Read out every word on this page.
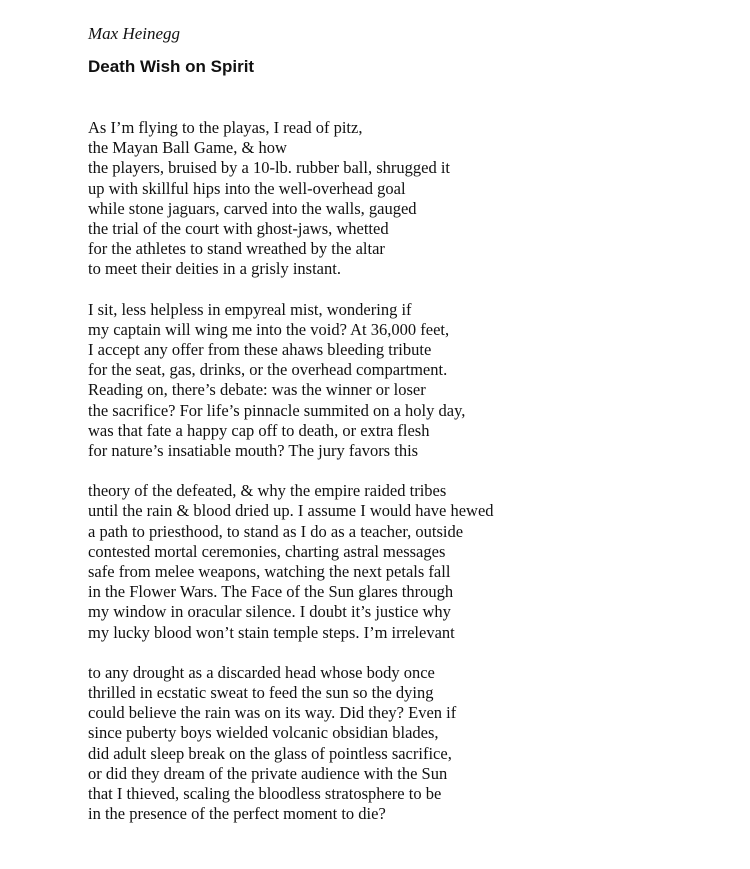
Max Heinegg

Death Wish on Spirit
As I’m flying to the playas, I read of pitz,
the Mayan Ball Game, & how
the players, bruised by a 10-lb. rubber ball, shrugged it
up with skillful hips into the well-overhead goal
while stone jaguars, carved into the walls, gauged
the trial of the court with ghost-jaws, whetted
for the athletes to stand wreathed by the altar
to meet their deities in a grisly instant.
I sit, less helpless in empyreal mist, wondering if
my captain will wing me into the void? At 36,000 feet,
I accept any offer from these ahaws bleeding tribute
for the seat, gas, drinks, or the overhead compartment.
Reading on, there’s debate: was the winner or loser
the sacrifice? For life’s pinnacle summited on a holy day,
was that fate a happy cap off to death, or extra flesh
for nature’s insatiable mouth? The jury favors this
theory of the defeated, & why the empire raided tribes
until the rain & blood dried up. I assume I would have hewed
a path to priesthood, to stand as I do as a teacher, outside
contested mortal ceremonies, charting astral messages
safe from melee weapons, watching the next petals fall
in the Flower Wars. The Face of the Sun glares through
my window in oracular silence. I doubt it’s justice why
my lucky blood won’t stain temple steps. I’m irrelevant
to any drought as a discarded head whose body once
thrilled in ecstatic sweat to feed the sun so the dying
could believe the rain was on its way. Did they? Even if
since puberty boys wielded volcanic obsidian blades,
did adult sleep break on the glass of pointless sacrifice,
or did they dream of the private audience with the Sun
that I thieved, scaling the bloodless stratosphere to be
in the presence of the perfect moment to die?
